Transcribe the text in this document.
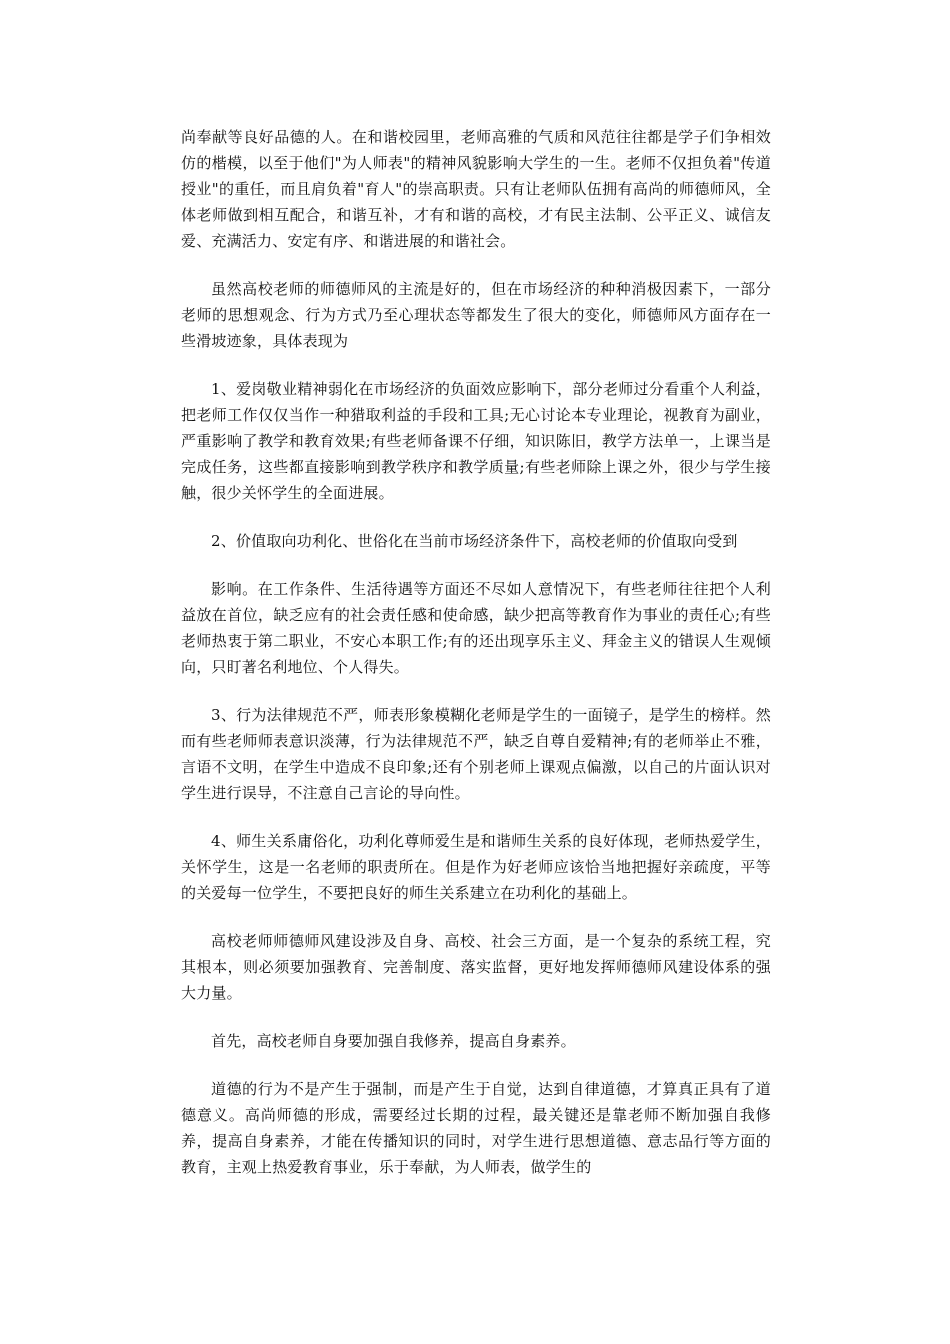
尚奉献等良好品德的人。在和谐校园里，老师高雅的气质和风范往往都是学子们争相效仿的楷模，以至于他们"为人师表"的精神风貌影响大学生的一生。老师不仅担负着"传道授业"的重任，而且肩负着"育人"的崇高职责。只有让老师队伍拥有高尚的师德师风，全体老师做到相互配合，和谐互补，才有和谐的高校，才有民主法制、公平正义、诚信友爱、充满活力、安定有序、和谐进展的和谐社会。

虽然高校老师的师德师风的主流是好的，但在市场经济的种种消极因素下，一部分老师的思想观念、行为方式乃至心理状态等都发生了很大的变化，师德师风方面存在一些滑坡迹象，具体表现为

1、爱岗敬业精神弱化在市场经济的负面效应影响下，部分老师过分看重个人利益，把老师工作仅仅当作一种猎取利益的手段和工具;无心讨论本专业理论，视教育为副业，严重影响了教学和教育效果;有些老师备课不仔细，知识陈旧，教学方法单一，上课当是完成任务，这些都直接影响到教学秩序和教学质量;有些老师除上课之外，很少与学生接触，很少关怀学生的全面进展。

2、价值取向功利化、世俗化在当前市场经济条件下，高校老师的价值取向受到

影响。在工作条件、生活待遇等方面还不尽如人意情况下，有些老师往往把个人利益放在首位，缺乏应有的社会责任感和使命感，缺少把高等教育作为事业的责任心;有些老师热衷于第二职业，不安心本职工作;有的还出现享乐主义、拜金主义的错误人生观倾向，只盯著名利地位、个人得失。

3、行为法律规范不严，师表形象模糊化老师是学生的一面镜子，是学生的榜样。然而有些老师师表意识淡薄，行为法律规范不严，缺乏自尊自爱精神;有的老师举止不雅，言语不文明，在学生中造成不良印象;还有个别老师上课观点偏激，以自己的片面认识对学生进行误导，不注意自己言论的导向性。

4、师生关系庸俗化，功利化尊师爱生是和谐师生关系的良好体现，老师热爱学生，关怀学生，这是一名老师的职责所在。但是作为好老师应该恰当地把握好亲疏度，平等的关爱每一位学生，不要把良好的师生关系建立在功利化的基础上。

高校老师师德师风建设涉及自身、高校、社会三方面，是一个复杂的系统工程，究其根本，则必须要加强教育、完善制度、落实监督，更好地发挥师德师风建设体系的强大力量。

首先，高校老师自身要加强自我修养，提高自身素养。

道德的行为不是产生于强制，而是产生于自觉，达到自律道德，才算真正具有了道德意义。高尚师德的形成，需要经过长期的过程，最关键还是靠老师不断加强自我修养，提高自身素养，才能在传播知识的同时，对学生进行思想道德、意志品行等方面的教育，主观上热爱教育事业，乐于奉献，为人师表，做学生的
